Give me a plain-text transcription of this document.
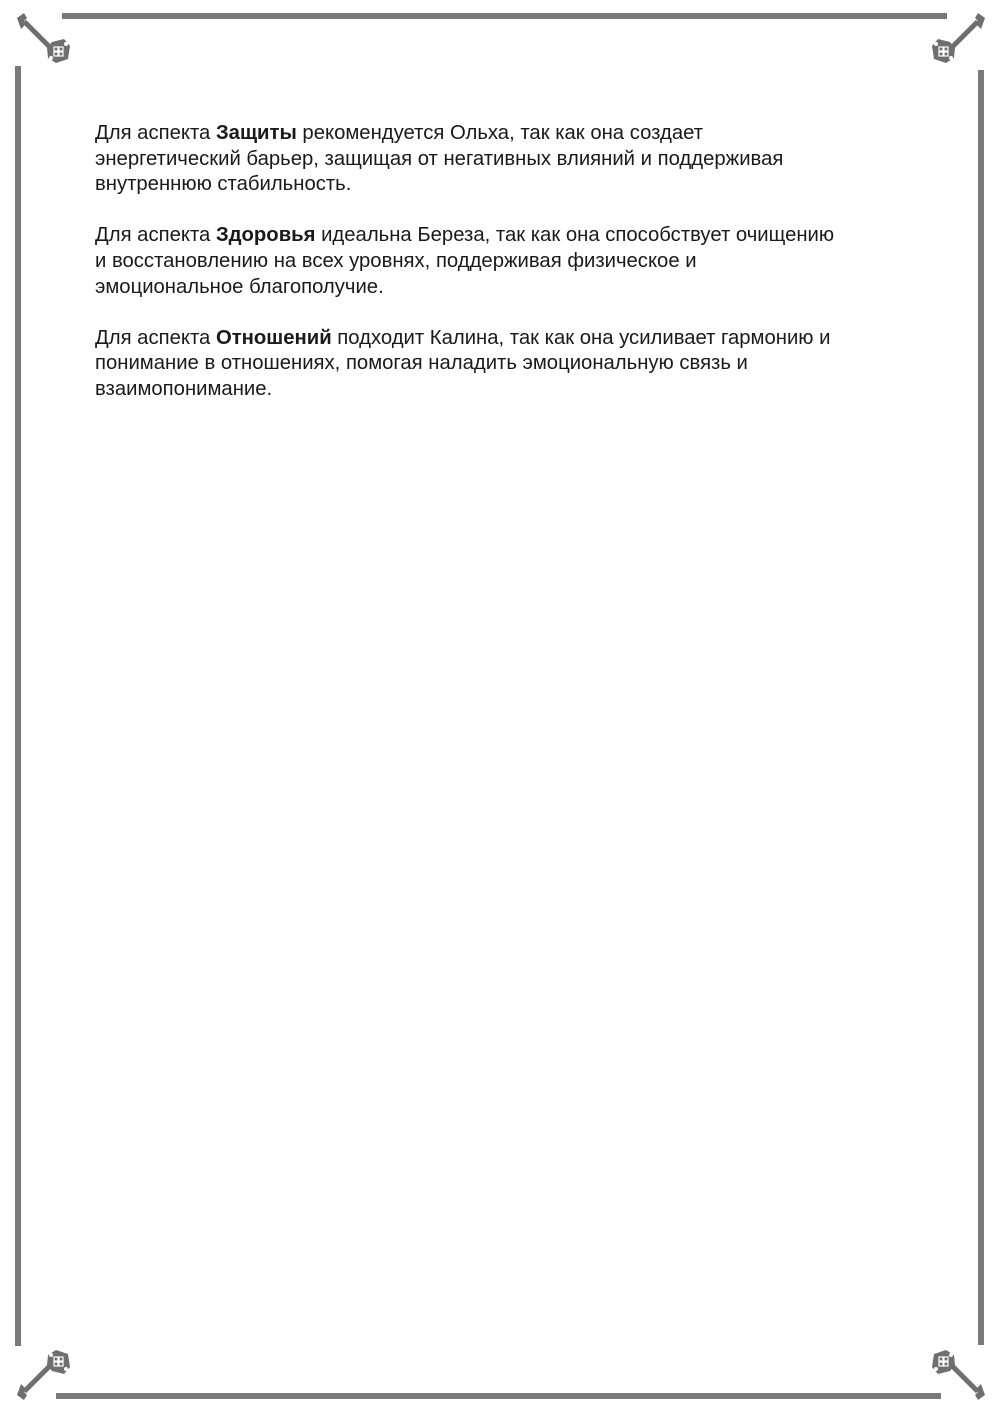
Для аспекта Защиты рекомендуется Ольха, так как она создает
энергетический барьер, защищая от негативных влияний и поддерживая
внутреннюю стабильность.

Для аспекта Здоровья идеальна Береза, так как она способствует очищению
и восстановлению на всех уровнях, поддерживая физическое и
эмоциональное благополучие.

Для аспекта Отношений подходит Калина, так как она усиливает гармонию и
понимание в отношениях, помогая наладить эмоциональную связь и
взаимопонимание.
